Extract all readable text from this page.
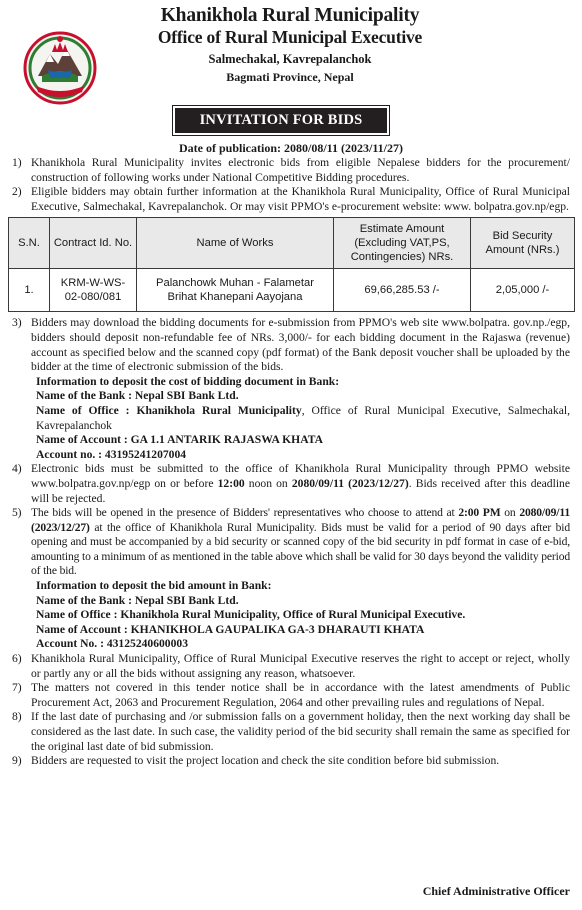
Khanikhola Rural Municipality
Office of Rural Municipal Executive
Salmechakal, Kavrepalanchok
Bagmati Province, Nepal
INVITATION FOR BIDS
Date of publication: 2080/08/11 (2023/11/27)

1) Khanikhola Rural Municipality invites electronic bids from eligible Nepalese bidders for the procurement/ construction of following works under National Competitive Bidding procedures.

2) Eligible bidders may obtain further information at the Khanikhola Rural Municipality, Office of Rural Municipal Executive, Salmechakal, Kavrepalanchok. Or may visit PPMO's e-procurement website: www. bolpatra.gov.np/egp.

S.N.	Contract Id. No.	Name of Works	Estimate Amount (Excluding VAT,PS, Contingencies) NRs.	Bid Security Amount (NRs.)
1.	KRM-W-WS- 02-080/081	Palanchowk Muhan - Falametar Brihat Khanepani Aayojana	69,66,285.53 /-	2,05,000 /-

3) Bidders may download the bidding documents for e-submission from PPMO's web site www.bolpatra. gov.np./egp, bidders should deposit non-refundable fee of NRs. 3,000/- for each bidding document in the Rajaswa (revenue) account as specified below and the scanned copy (pdf format) of the Bank deposit voucher shall be uploaded by the bidder at the time of electronic submission of the bids.

Information to deposit the cost of bidding document in Bank:
Name of the Bank : Nepal SBI Bank Ltd.
Name of Office : Khanikhola Rural Municipality, Office of Rural Municipal Executive, Salmechakal, Kavrepalanchok
Name of Account : GA 1.1 ANTARIK RAJASWA KHATA
Account no. : 43195241207004

4) Electronic bids must be submitted to the office of Khanikhola Rural Municipality through PPMO website www.bolpatra.gov.np/egp on or before 12:00 noon on 2080/09/11 (2023/12/27). Bids received after this deadline will be rejected.

5) The bids will be opened in the presence of Bidders' representatives who choose to attend at 2:00 PM on 2080/09/11 (2023/12/27) at the office of Khanikhola Rural Municipality. Bids must be valid for a period of 90 days after bid opening and must be accompanied by a bid security or scanned copy of the bid security in pdf format in case of e-bid, amounting to a minimum of as mentioned in the table above which shall be valid for 30 days beyond the validity period of the bid.

Information to deposit the bid amount in Bank:
Name of the Bank : Nepal SBI Bank Ltd.
Name of Office : Khanikhola Rural Municipality, Office of Rural Municipal Executive.
Name of Account : KHANIKHOLA GAUPALIKA GA-3 DHARAUTI KHATA
Account No. : 43125240600003

6) Khanikhola Rural Municipality, Office of Rural Municipal Executive reserves the right to accept or reject, wholly or partly any or all the bids without assigning any reason, whatsoever.

7) The matters not covered in this tender notice shall be in accordance with the latest amendments of Public Procurement Act, 2063 and Procurement Regulation, 2064 and other prevailing rules and regulations of Nepal.

8) If the last date of purchasing and /or submission falls on a government holiday, then the next working day shall be considered as the last date. In such case, the validity period of the bid security shall remain the same as specified for the original last date of bid submission.

9) Bidders are requested to visit the project location and check the site condition before bid submission.

Chief Administrative Officer
